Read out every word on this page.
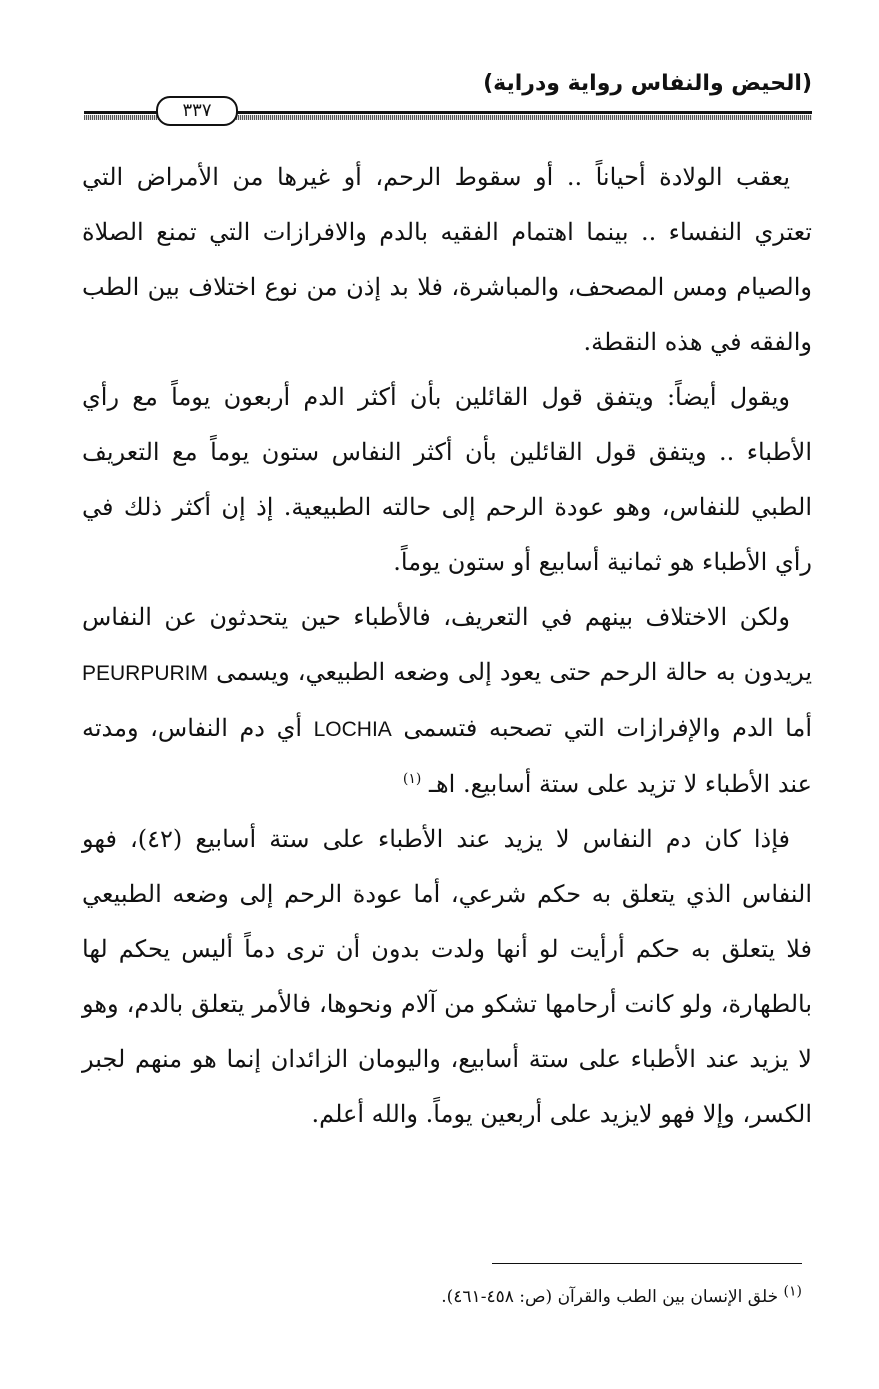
(الحيض والنفاس رواية ودراية)
٣٣٧

يعقب الولادة أحياناً .. أو سقوط الرحم، أو غيرها من الأمراض التي تعتري النفساء .. بينما اهتمام الفقيه بالدم والافرازات التي تمنع الصلاة والصيام ومس المصحف، والمباشرة، فلا بد إذن من نوع اختلاف بين الطب والفقه في هذه النقطة.

ويقول أيضاً: ويتفق قول القائلين بأن أكثر الدم أربعون يوماً مع رأي الأطباء .. ويتفق قول القائلين بأن أكثر النفاس ستون يوماً مع التعريف الطبي للنفاس، وهو عودة الرحم إلى حالته الطبيعية. إذ إن أكثر ذلك في رأي الأطباء هو ثمانية أسابيع أو ستون يوماً.

ولكن الاختلاف بينهم في التعريف، فالأطباء حين يتحدثون عن النفاس يريدون به حالة الرحم حتى يعود إلى وضعه الطبيعي، ويسمى PEURPURIM أما الدم والإفرازات التي تصحبه فتسمى LOCHIA أي دم النفاس، ومدته عند الأطباء لا تزيد على ستة أسابيع. اهـ $^{(١)}$

فإذا كان دم النفاس لا يزيد عند الأطباء على ستة أسابيع (٤٢)، فهو النفاس الذي يتعلق به حكم شرعي، أما عودة الرحم إلى وضعه الطبيعي فلا يتعلق به حكم أرأيت لو أنها ولدت بدون أن ترى دماً أليس يحكم لها بالطهارة، ولو كانت أرحامها تشكو من آلام ونحوها، فالأمر يتعلق بالدم، وهو لا يزيد عند الأطباء على ستة أسابيع، واليومان الزائدان إنما هو منهم لجبر الكسر، وإلا فهو لايزيد على أربعين يوماً. والله أعلم.

$^{(١)}$ خلق الإنسان بين الطب والقرآن (ص: ٤٥٨-٤٦١).
